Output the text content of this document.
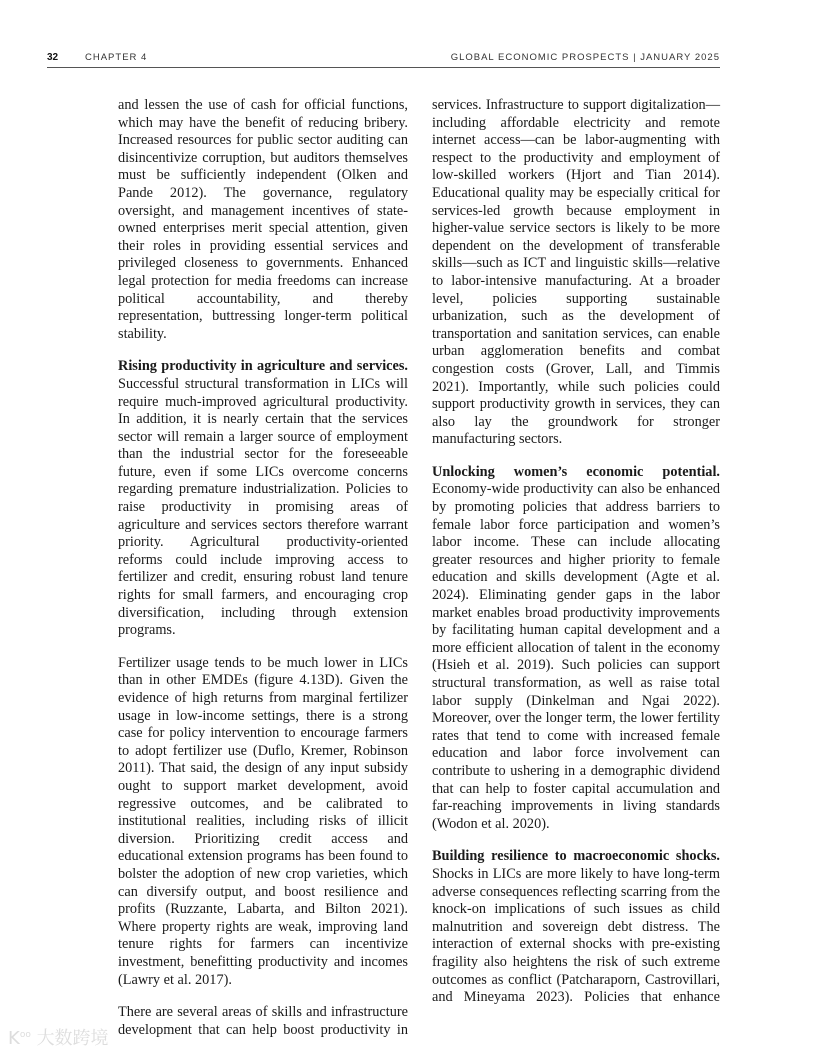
32	CHAPTER 4	GLOBAL ECONOMIC PROSPECTS | JANUARY 2025

and lessen the use of cash for official functions, which may have the benefit of reducing bribery. Increased resources for public sector auditing can disincentivize corruption, but auditors themselves must be sufficiently independent (Olken and Pande 2012). The governance, regulatory oversight, and management incentives of state-owned enterprises merit special attention, given their roles in providing essential services and privileged closeness to governments. Enhanced legal protection for media freedoms can increase political accountability, and thereby representation, buttressing longer-term political stability.

Rising productivity in agriculture and services. Successful structural transformation in LICs will require much-improved agricultural productivity. In addition, it is nearly certain that the services sector will remain a larger source of employment than the industrial sector for the foreseeable future, even if some LICs overcome concerns regarding premature industrialization. Policies to raise productivity in promising areas of agriculture and services sectors therefore warrant priority. Agricultural productivity-oriented reforms could include improving access to fertilizer and credit, ensuring robust land tenure rights for small farmers, and encouraging crop diversification, including through extension programs.

Fertilizer usage tends to be much lower in LICs than in other EMDEs (figure 4.13D). Given the evidence of high returns from marginal fertilizer usage in low-income settings, there is a strong case for policy intervention to encourage farmers to adopt fertilizer use (Duflo, Kremer, Robinson 2011). That said, the design of any input subsidy ought to support market development, avoid regressive outcomes, and be calibrated to institutional realities, including risks of illicit diversion. Prioritizing credit access and educational extension programs has been found to bolster the adoption of new crop varieties, which can diversify output, and boost resilience and profits (Ruzzante, Labarta, and Bilton 2021). Where property rights are weak, improving land tenure rights for farmers can incentivize investment, benefitting productivity and incomes (Lawry et al. 2017).

There are several areas of skills and infrastructure development that can help boost productivity in

services. Infrastructure to support digitalization—including affordable electricity and remote internet access—can be labor-augmenting with respect to the productivity and employment of low-skilled workers (Hjort and Tian 2014). Educational quality may be especially critical for services-led growth because employment in higher-value service sectors is likely to be more dependent on the development of transferable skills—such as ICT and linguistic skills—relative to labor-intensive manufacturing. At a broader level, policies supporting sustainable urbanization, such as the development of transportation and sanitation services, can enable urban agglomeration benefits and combat congestion costs (Grover, Lall, and Timmis 2021). Importantly, while such policies could support productivity growth in services, they can also lay the groundwork for stronger manufacturing sectors.

Unlocking women’s economic potential. Economy-wide productivity can also be enhanced by promoting policies that address barriers to female labor force participation and women’s labor income. These can include allocating greater resources and higher priority to female education and skills development (Agte et al. 2024). Eliminating gender gaps in the labor market enables broad productivity improvements by facilitating human capital development and a more efficient allocation of talent in the economy (Hsieh et al. 2019). Such policies can support structural transformation, as well as raise total labor supply (Dinkelman and Ngai 2022). Moreover, over the longer term, the lower fertility rates that tend to come with increased female education and labor force involvement can contribute to ushering in a demographic dividend that can help to foster capital accumulation and far-reaching improvements in living standards (Wodon et al. 2020).

Building resilience to macroeconomic shocks. Shocks in LICs are more likely to have long-term adverse consequences reflecting scarring from the knock-on implications of such issues as child malnutrition and sovereign debt distress. The interaction of external shocks with pre-existing fragility also heightens the risk of such extreme outcomes as conflict (Patcharaporn, Castrovillari, and Mineyama 2023). Policies that enhance

$K^{oo}$ 大数跨境
